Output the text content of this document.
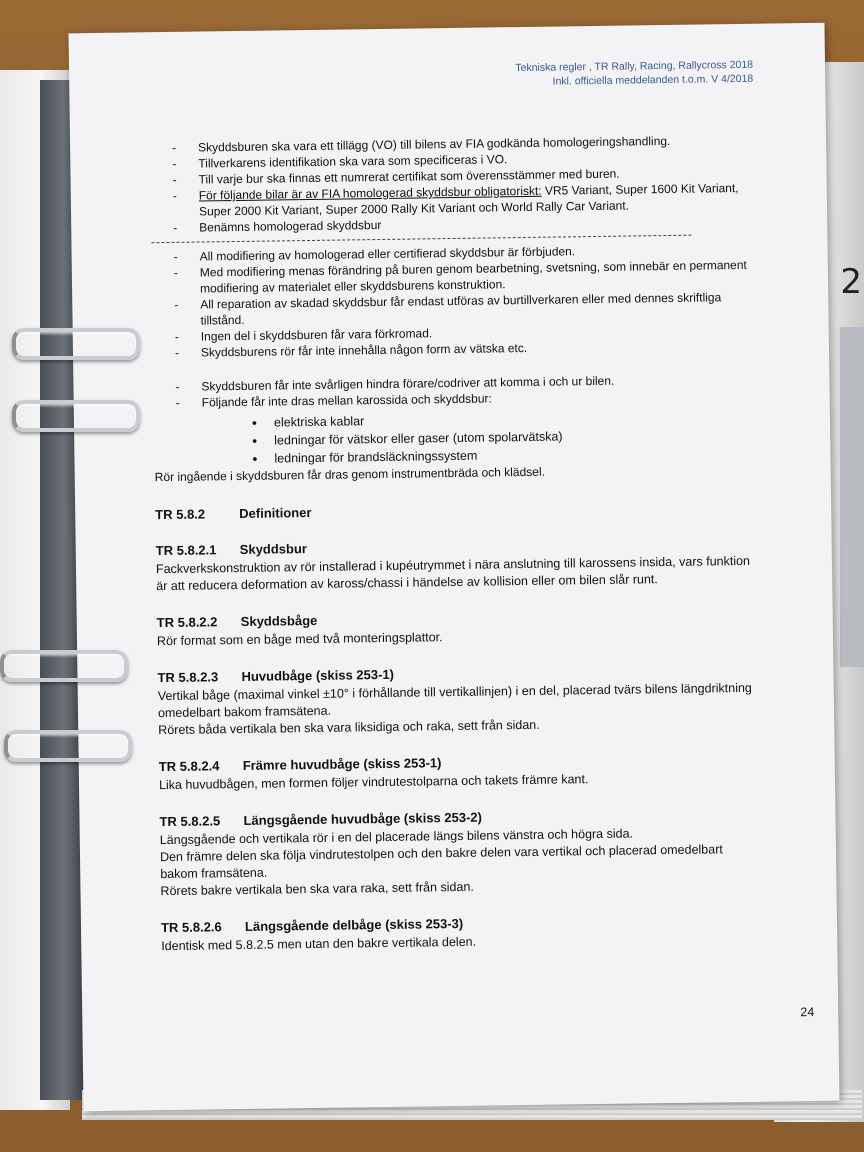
2
Tekniska regler , TR Rally, Racing, Rallycross 2018
Inkl. officiella meddelanden t.o.m. V 4/2018
- Skyddsburen ska vara ett tillägg (VO) till bilens av FIA godkända homologeringshandling.
- Tillverkarens identifikation ska vara som specificeras i VO.
- Till varje bur ska finnas ett numrerat certifikat som överensstämmer med buren.
- För följande bilar är av FIA homologerad skyddsbur obligatoriskt: VR5 Variant, Super 1600 Kit Variant, Super 2000 Kit Variant, Super 2000 Rally Kit Variant och World Rally Car Variant.
- Benämns homologerad skyddsbur
- All modifiering av homologerad eller certifierad skyddsbur är förbjuden.
- Med modifiering menas förändring på buren genom bearbetning, svetsning, som innebär en permanent modifiering av materialet eller skyddsburens konstruktion.
- All reparation av skadad skyddsbur får endast utföras av burtillverkaren eller med dennes skriftliga tillstånd.
- Ingen del i skyddsburen får vara förkromad.
- Skyddsburens rör får inte innehålla någon form av vätska etc.
- Skyddsburen får inte svårligen hindra förare/codriver att komma i och ur bilen.
- Följande får inte dras mellan karossida och skyddsbur:
• elektriska kablar
• ledningar för vätskor eller gaser (utom spolarvätska)
• ledningar för brandsläckningssystem

Rör ingående i skyddsburen får dras genom instrumentbräda och klädsel.

TR 5.8.2	Definitioner
TR 5.8.2.1	Skyddsbur

Fackverkskonstruktion av rör installerad i kupéutrymmet i nära anslutning till karossens insida, vars funktion är att reducera deformation av kaross/chassi i händelse av kollision eller om bilen slår runt.

TR 5.8.2.2	Skyddsbåge

Rör format som en båge med två monteringsplattor.

TR 5.8.2.3	Huvudbåge (skiss 253-1)

Vertikal båge (maximal vinkel ±10° i förhållande till vertikallinjen) i en del, placerad tvärs bilens längdriktning omedelbart bakom framsätena.

Rörets båda vertikala ben ska vara liksidiga och raka, sett från sidan.

TR 5.8.2.4	Främre huvudbåge (skiss 253-1)

Lika huvudbågen, men formen följer vindrutestolparna och takets främre kant.

TR 5.8.2.5	Längsgående huvudbåge (skiss 253-2)

Längsgående och vertikala rör i en del placerade längs bilens vänstra och högra sida.

Den främre delen ska följa vindrutestolpen och den bakre delen vara vertikal och placerad omedelbart bakom framsätena.

Rörets bakre vertikala ben ska vara raka, sett från sidan.

TR 5.8.2.6	Längsgående delbåge (skiss 253-3)

Identisk med 5.8.2.5 men utan den bakre vertikala delen.

24
